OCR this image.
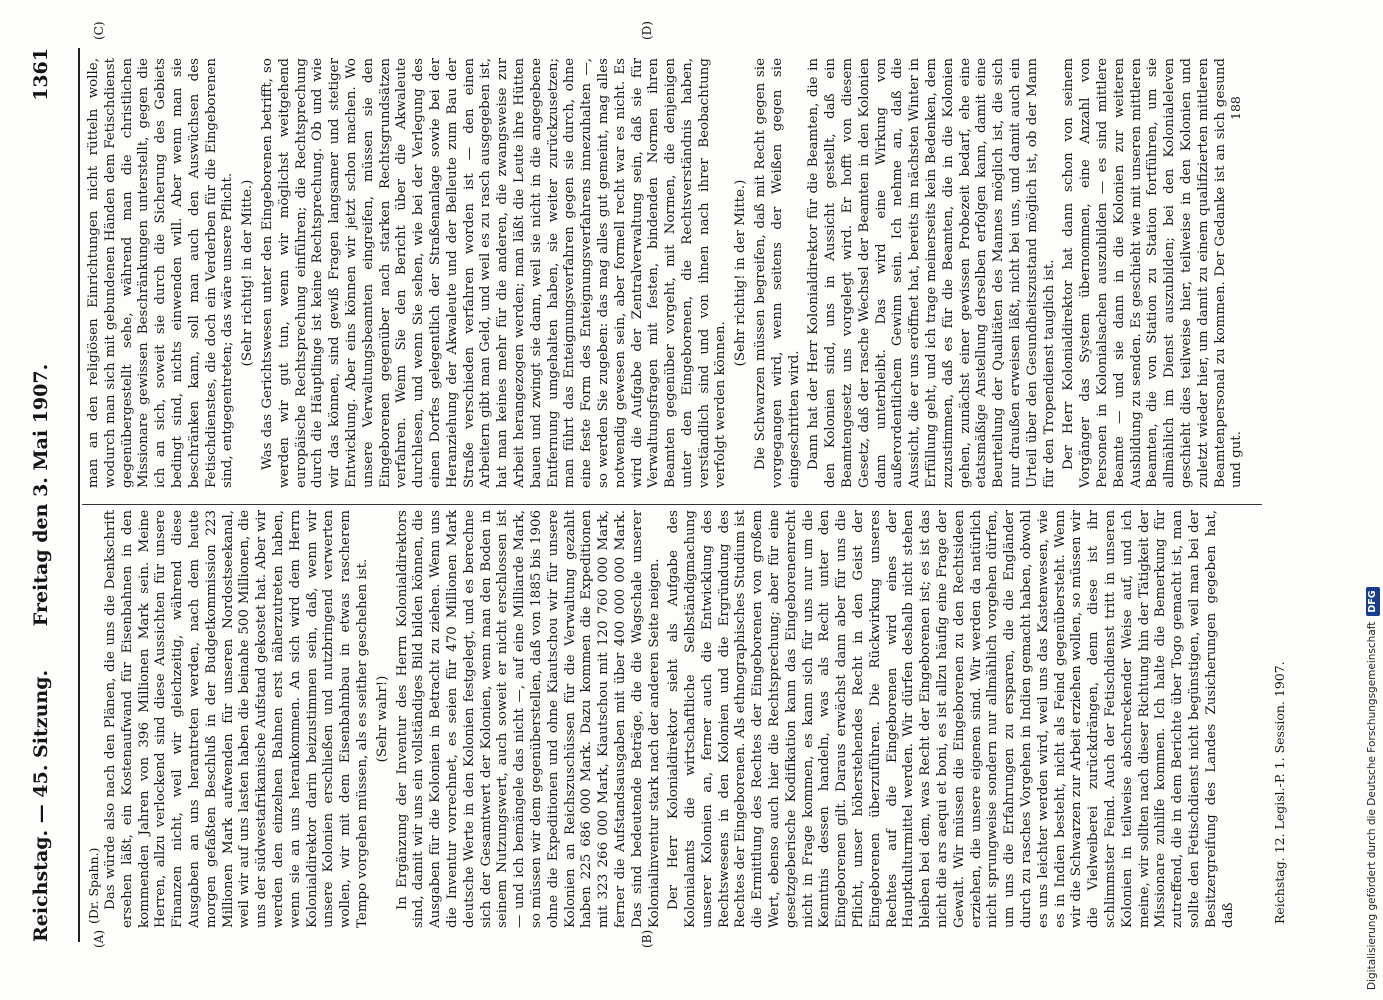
Reichstag. — 45. Sitzung.
Freitag den 3. Mai 1907.
1361
(A)	(B)
(C)	(D)
(Dr. Spahn.) Das würde also nach den Plänen, die uns die Denkschrift ersehen läßt, ein Kostenaufwand für Eisenbahnen in den kommenden Jahren von 396 Millionen Mark sein. Meine Herren, allzu verlockend sind diese Aussichten für unsere Finanzen nicht, weil wir gleichzeitig, während diese Ausgaben an uns herantreten werden, nach dem heute morgen gefaßten Beschluß in der Budgetkommission 223 Millionen Mark aufwenden für unseren Nordostseekanal, weil wir auf uns lasten haben die beinahe 500 Millionen, die uns der südwestafrikanische Aufstand gekostet hat. Aber wir werden den einzelnen Bahnen erst näherzutreten haben, wenn sie an uns herankommen. An sich wird dem Herrn Kolonialdirektor darin beizustimmen sein, daß, wenn wir unsere Kolonien erschließen und nutzbringend verwerten wollen, wir mit dem Eisenbahnbau in etwas rascherem Tempo vorgehen müssen, als es seither geschehen ist. (Sehr wahr!) In Ergänzung der Inventur des Herrn Kolonialdirektors sind, damit wir uns ein vollständiges Bild bilden können, die Ausgaben für die Kolonien in Betracht zu ziehen. Wenn uns die Inventur vorrechnet, es seien für 470 Millionen Mark deutsche Werte in den Kolonien festgelegt, und es berechne sich der Gesamtwert der Kolonien, wenn man den Boden in seinem Nutzungswert, auch soweit er nicht erschlossen ist — und ich bemängele das nicht —, auf eine Milliarde Mark, so müssen wir dem gegenüberstellen, daß von 1885 bis 1906 ohne die Expeditionen und ohne Kiautschou wir für unsere Kolonien an Reichszuschüssen für die Verwaltung gezahlt haben 225 686 000 Mark. Dazu kommen die Expeditionen mit 323 266 000 Mark, Kiautschou mit 120 760 000 Mark, ferner die Aufstandsausgaben mit über 400 000 000 Mark. Das sind bedeutende Beträge, die die Wagschale unserer Kolonialinventur stark nach der anderen Seite neigen. Der Herr Kolonialdirektor sieht als Aufgabe des Kolonialamts die wirtschaftliche Selbständigmachung unserer Kolonien an, ferner auch die Entwicklung des Rechtswesens in den Kolonien und die Ergründung des Rechtes der Eingeborenen. Als ethnographisches Studium ist die Ermittlung des Rechtes der Eingeborenen von großem Wert, ebenso auch hier die Rechtsprechung; aber für eine gesetzgeberische Kodifikation kann das Eingeborenenrecht nicht in Frage kommen, es kann sich für uns nur um die Kenntnis dessen handeln, was als Recht unter den Eingeborenen gilt. Daraus erwächst dann aber für uns die Pflicht, unser höherstehendes Recht in den Geist der Eingeborenen überzuführen. Die Rückwirkung unseres Rechtes auf die Eingeborenen wird eines der Hauptkulturmittel werden. Wir dürfen deshalb nicht stehen bleiben bei dem, was Recht der Eingeborenen ist; es ist das nicht die ars aequi et boni, es ist allzu häufig eine Frage der Gewalt. Wir müssen die Eingeborenen zu den Rechtsideen erziehen, die unsere eigenen sind. Wir werden da natürlich nicht sprungweise sondern nur allmählich vorgehen dürfen, um uns die Erfahrungen zu ersparen, die die Engländer durch zu rasches Vorgehen in Indien gemacht haben, obwohl es uns leichter werden wird, weil uns das Kastenwesen, wie es in Indien besteht, nicht als Feind gegenübersteht. Wenn wir die Schwarzen zur Arbeit erziehen wollen, so müssen wir die Vielweiberei zurückdrängen, denn diese ist ihr schlimmster Feind. Auch der Fetischdienst tritt in unseren Kolonien in teilweise abschreckender Weise auf, und ich meine, wir sollten nach dieser Richtung hin der Tätigkeit der Missionare zuhilfe kommen. Ich halte die Bemerkung für zutreffend, die in dem Berichte über Togo gemacht ist, man sollte den Fetischdienst nicht begünstigen, weil man bei der Besitzergreifung des Landes Zusicherungen gegeben hat, daß

man an den religiösen Einrichtungen nicht rütteln wolle, wodurch man sich mit gebundenen Händen dem Fetischdienst gegenübergestellt sehe, während man die christlichen Missionare gewissen Beschränkungen unterstellt, gegen die ich an sich, soweit sie durch die Sicherung des Gebiets bedingt sind, nichts einwenden will. Aber wenn man sie beschränken kann, soll man auch den Auswüchsen des Fetischdienstes, die doch ein Verderben für die Eingeborenen sind, entgegentreten; das wäre unsere Pflicht. (Sehr richtig! in der Mitte.) Was das Gerichtswesen unter den Eingeborenen betrifft, so werden wir gut tun, wenn wir möglichst weitgehend europäische Rechtsprechung einführen; die Rechtsprechung durch die Häuptlinge ist keine Rechtsprechung. Ob und wie wir das können, sind gewiß Fragen langsamer und stetiger Entwicklung. Aber eins können wir jetzt schon machen. Wo unsere Verwaltungsbeamten eingreifen, müssen sie den Eingeborenen gegenüber nach starken Rechtsgrundsätzen verfahren. Wenn Sie den Bericht über die Akwaleute durchlesen, und wenn Sie sehen, wie bei der Verlegung des einen Dorfes gelegentlich der Straßenanlage sowie bei der Heranziehung der Akwaleute und der Belleute zum Bau der Straße verschieden verfahren worden ist — den einen Arbeitern gibt man Geld, und weil es zu rasch ausgegeben ist, hat man keines mehr für die anderen, die zwangsweise zur Arbeit herangezogen werden; man läßt die Leute ihre Hütten bauen und zwingt sie dann, weil sie nicht in die angegebene Entfernung umgehalten haben, sie weiter zurückzusetzen; man führt das Enteignungsverfahren gegen sie durch, ohne eine feste Form des Enteignungsverfahrens innezuhalten —, so werden Sie zugeben: das mag alles gut gemeint, mag alles notwendig gewesen sein, aber formell recht war es nicht. Es wird die Aufgabe der Zentralverwaltung sein, daß sie für Verwaltungsfragen mit festen, bindenden Normen ihren Beamten gegenüber vorgeht, mit Normen, die denjenigen unter den Eingeborenen, die Rechtsverständnis haben, verständlich sind und von ihnen nach ihrer Beobachtung verfolgt werden können.

(Sehr richtig! in der Mitte.) Die Schwarzen müssen begreifen, daß mit Recht gegen sie vorgegangen wird, wenn seitens der Weißen gegen sie eingeschritten wird. Dann hat der Herr Kolonialdirektor für die Beamten, die in den Kolonien sind, uns in Aussicht gestellt, daß ein Beamtengesetz uns vorgelegt wird. Er hofft von diesem Gesetz, daß der rasche Wechsel der Beamten in den Kolonien dann unterbleibt. Das wird eine Wirkung von außerordentlichem Gewinn sein. Ich nehme an, daß die Aussicht, die er uns eröffnet hat, bereits im nächsten Winter in Erfüllung geht, und ich trage meinerseits kein Bedenken, dem zuzustimmen, daß es für die Beamten, die in die Kolonien gehen, zunächst einer gewissen Probezeit bedarf, ehe eine etatsmäßige Anstellung derselben erfolgen kann, damit eine Beurteilung der Qualitäten des Mannes möglich ist, die sich nur draußen erweisen läßt, nicht bei uns, und damit auch ein Urteil über den Gesundheitszustand möglich ist, ob der Mann für den Tropendienst tauglich ist. Der Herr Kolonialdirektor hat dann schon von seinem Vorgänger das System übernommen, eine Anzahl von Personen in Kolonialsachen auszubilden — es sind mittlere Beamte — und sie dann in die Kolonien zur weiteren Ausbildung zu senden. Es geschieht wie mit unseren mittleren Beamten, die von Station zu Station fortführen, um sie allmählich im Dienst auszubilden; bei den Kolonialeleven geschieht dies teilweise hier, teilweise in den Kolonien und zuletzt wieder hier, um damit zu einem qualifizierten mittleren Beamtenpersonal zu kommen. Der Gedanke ist an sich gesund und gut.

188
Reichstag. 12. Legisl.-P. 1. Session. 1907.	Digitalisierung gefördert durch die Deutsche ForschungsgemeinschaftDFG
